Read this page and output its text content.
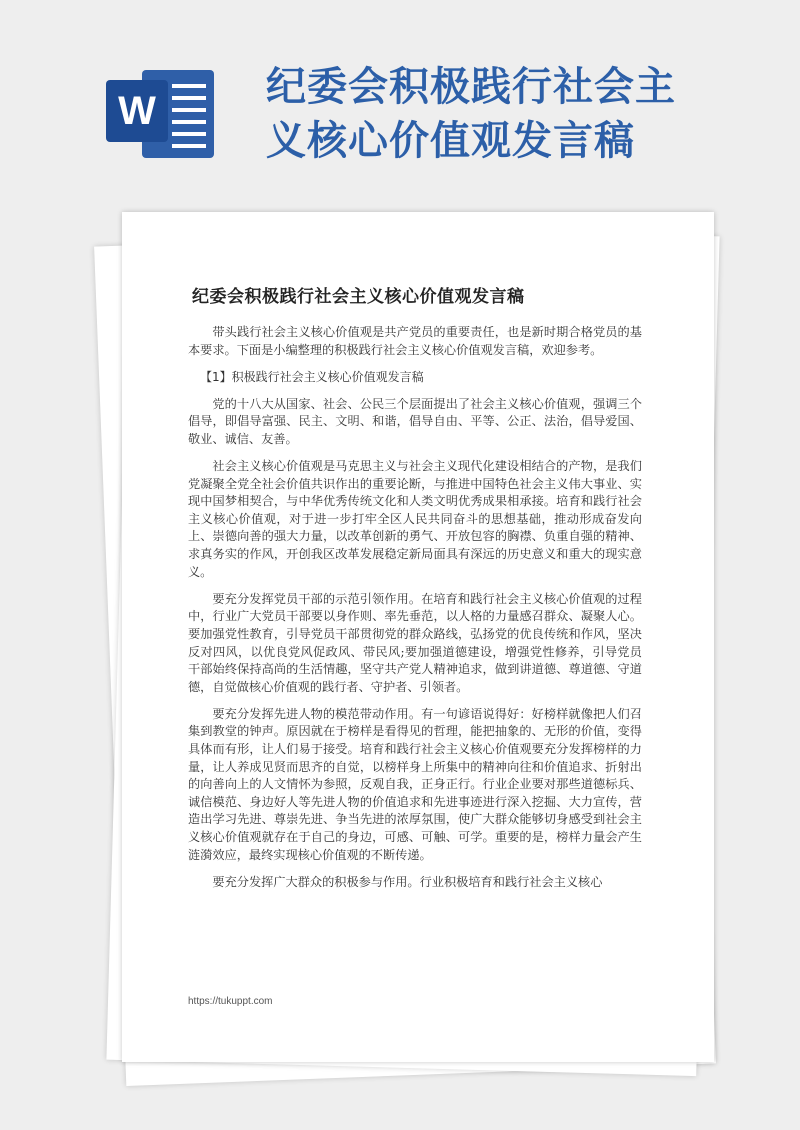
W
纪委会积极践行社会主义核心价值观发言稿
纪委会积极践行社会主义核心价值观发言稿

带头践行社会主义核心价值观是共产党员的重要责任，也是新时期合格党员的基本要求。下面是小编整理的积极践行社会主义核心价值观发言稿，欢迎参考。

【1】积极践行社会主义核心价值观发言稿

党的十八大从国家、社会、公民三个层面提出了社会主义核心价值观，强调三个倡导，即倡导富强、民主、文明、和谐，倡导自由、平等、公正、法治，倡导爱国、敬业、诚信、友善。

社会主义核心价值观是马克思主义与社会主义现代化建设相结合的产物，是我们党凝聚全党全社会价值共识作出的重要论断，与推进中国特色社会主义伟大事业、实现中国梦相契合，与中华优秀传统文化和人类文明优秀成果相承接。培育和践行社会主义核心价值观，对于进一步打牢全区人民共同奋斗的思想基础，推动形成奋发向上、崇德向善的强大力量，以改革创新的勇气、开放包容的胸襟、负重自强的精神、求真务实的作风，开创我区改革发展稳定新局面具有深远的历史意义和重大的现实意义。

要充分发挥党员干部的示范引领作用。在培育和践行社会主义核心价值观的过程中，行业广大党员干部要以身作则、率先垂范，以人格的力量感召群众、凝聚人心。要加强党性教育，引导党员干部贯彻党的群众路线，弘扬党的优良传统和作风，坚决反对四风，以优良党风促政风、带民风;要加强道德建设，增强党性修养，引导党员干部始终保持高尚的生活情趣，坚守共产党人精神追求，做到讲道德、尊道德、守道德，自觉做核心价值观的践行者、守护者、引领者。

要充分发挥先进人物的模范带动作用。有一句谚语说得好：好榜样就像把人们召集到教堂的钟声。原因就在于榜样是看得见的哲理，能把抽象的、无形的价值，变得具体而有形，让人们易于接受。培育和践行社会主义核心价值观要充分发挥榜样的力量，让人养成见贤而思齐的自觉，以榜样身上所集中的精神向往和价值追求、折射出的向善向上的人文情怀为参照，反观自我，正身正行。行业企业要对那些道德标兵、诚信模范、身边好人等先进人物的价值追求和先进事迹进行深入挖掘、大力宣传，营造出学习先进、尊崇先进、争当先进的浓厚氛围，使广大群众能够切身感受到社会主义核心价值观就存在于自己的身边，可感、可触、可学。重要的是，榜样力量会产生涟漪效应，最终实现核心价值观的不断传递。

要充分发挥广大群众的积极参与作用。行业积极培育和践行社会主义核心

https://tukuppt.com
